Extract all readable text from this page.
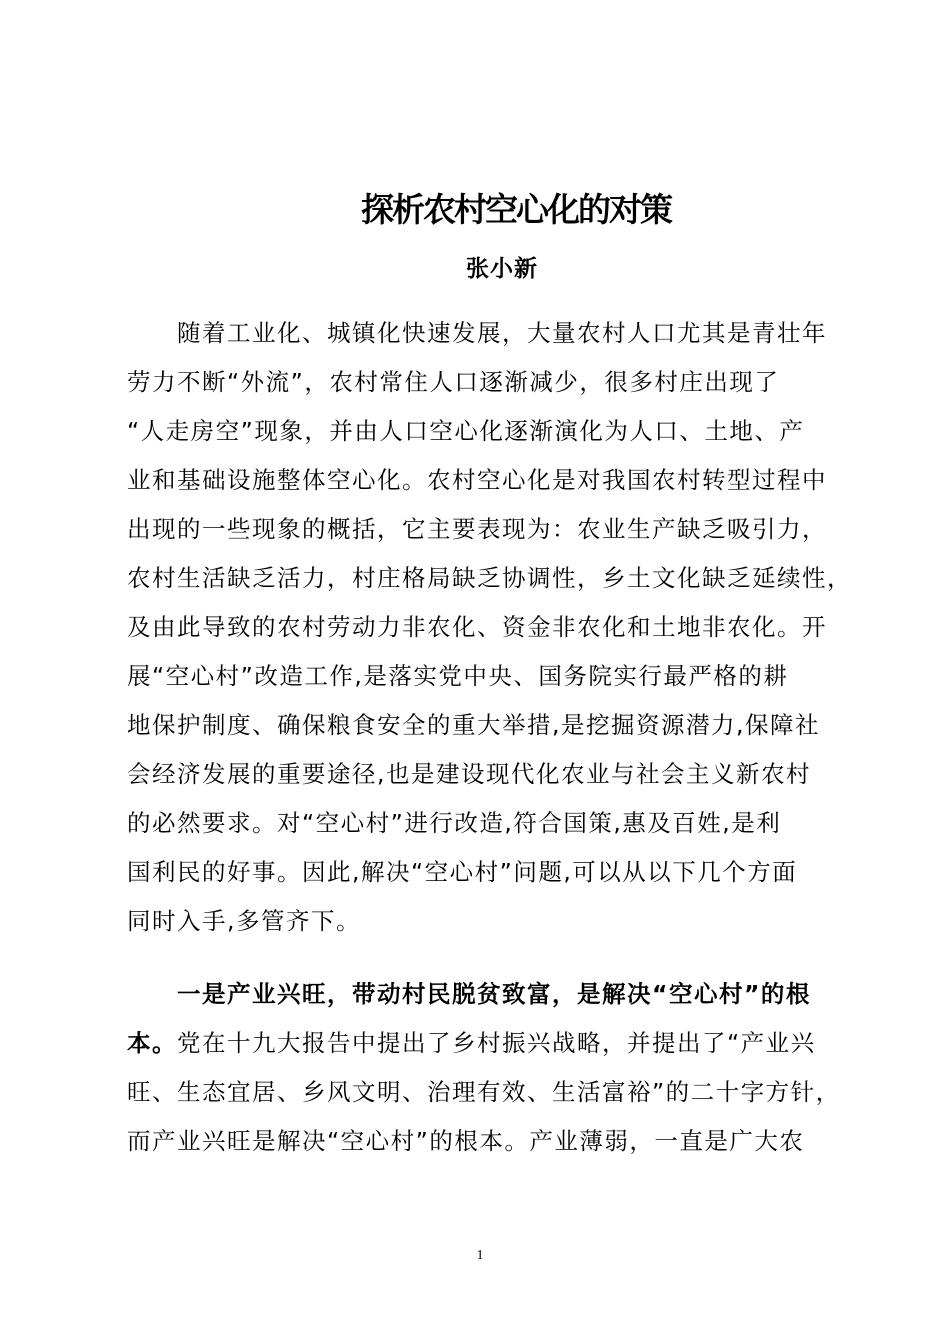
探析农村空心化的对策
张小新
随着工业化、城镇化快速发展，大量农村人口尤其是青壮年
劳力不断“外流”，农村常住人口逐渐减少，很多村庄出现了
“人走房空”现象，并由人口空心化逐渐演化为人口、土地、产
业和基础设施整体空心化。农村空心化是对我国农村转型过程中
出现的一些现象的概括，它主要表现为：农业生产缺乏吸引力，
农村生活缺乏活力，村庄格局缺乏协调性，乡土文化缺乏延续性，
及由此导致的农村劳动力非农化、资金非农化和土地非农化。开
展“空心村”改造工作,是落实党中央、国务院实行最严格的耕
地保护制度、确保粮食安全的重大举措,是挖掘资源潜力,保障社
会经济发展的重要途径,也是建设现代化农业与社会主义新农村
的必然要求。对“空心村”进行改造,符合国策,惠及百姓,是利
国利民的好事。因此,解决“空心村”问题,可以从以下几个方面
同时入手,多管齐下。
一是产业兴旺，带动村民脱贫致富，是解决“空心村”的根
本。党在十九大报告中提出了乡村振兴战略，并提出了“产业兴
旺、生态宜居、乡风文明、治理有效、生活富裕”的二十字方针，
而产业兴旺是解决“空心村”的根本。产业薄弱，一直是广大农
1
